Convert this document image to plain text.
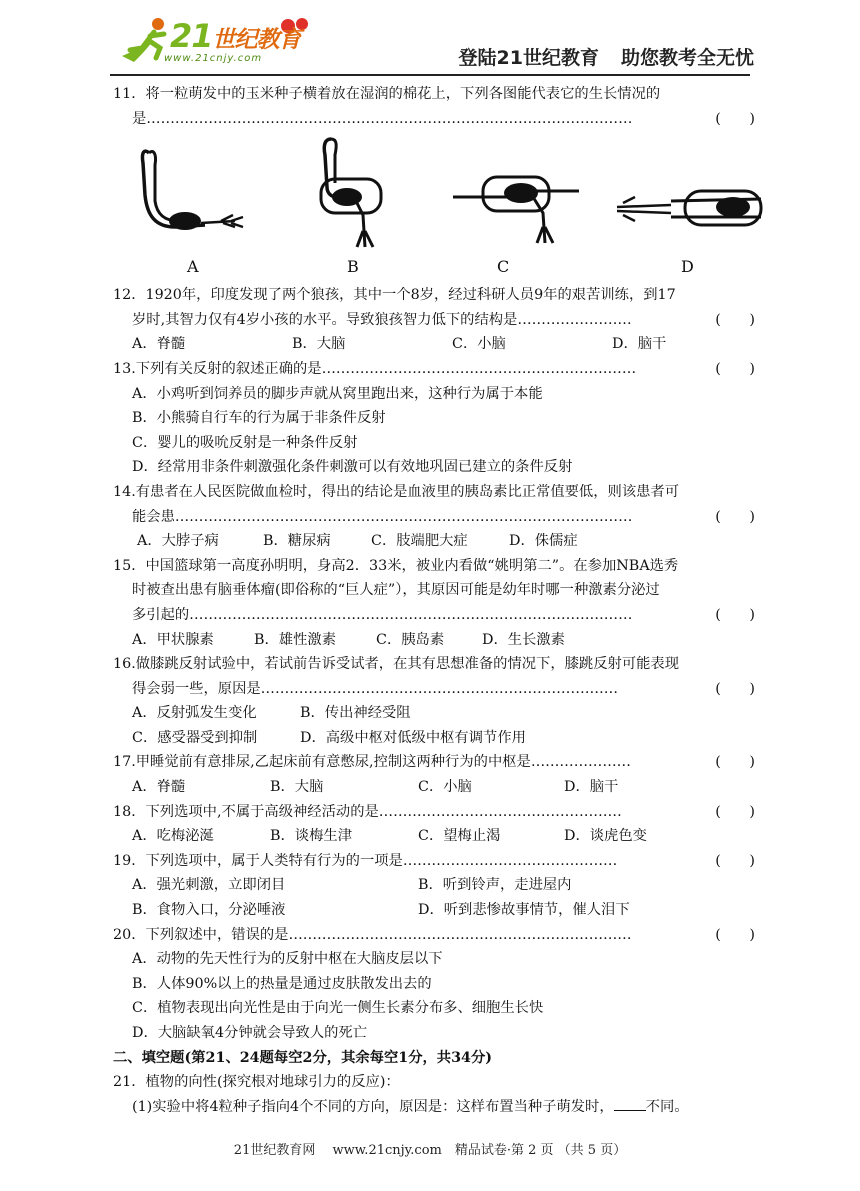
21世纪教育
www.21cnjy.com	登陆21世纪教育 助您教考全无忧
11．将一粒萌发中的玉米种子横着放在湿润的棉花上，下列各图能代表它的生长情况的
是…………………………………………………………………………………………	(　　)
A	B	C	D
12．1920年，印度发现了两个狼孩，其中一个8岁，经过科研人员9年的艰苦训练，到17
岁时,其智力仅有4岁小孩的水平。导致狼孩智力低下的结构是……………………	(　　)
A．脊髓	B．大脑	C．小脑	D．脑干
13.下列有关反射的叙述正确的是…………………………………………………………	(　　)
A．小鸡听到饲养员的脚步声就从窝里跑出来，这种行为属于本能
B．小熊骑自行车的行为属于非条件反射
C．婴儿的吸吮反射是一种条件反射
D．经常用非条件刺激强化条件刺激可以有效地巩固已建立的条件反射
14.有患者在人民医院做血检时，得出的结论是血液里的胰岛素比正常值要低，则该患者可
能会患……………………………………………………………………………………	(　　)
A．大脖子病	B．糖尿病	C．肢端肥大症	D．侏儒症
15．中国篮球第一高度孙明明，身高2．33米，被业内看做“姚明第二”。在参加NBA选秀
时被查出患有脑垂体瘤(即俗称的“巨人症”），其原因可能是幼年时哪一种激素分泌过
多引起的…………………………………………………………………………………	(　　)
A．甲状腺素	B．雄性激素	C．胰岛素	D．生长激素
16.做膝跳反射试验中，若试前告诉受试者，在其有思想准备的情况下，膝跳反射可能表现
得会弱一些，原因是…………………………………………………………………	(　　)
A．反射弧发生变化	B．传出神经受阻
C．感受器受到抑制	D．高级中枢对低级中枢有调节作用
17.甲睡觉前有意排尿,乙起床前有意憋尿,控制这两种行为的中枢是…………………	(　　)
A．脊髓	B．大脑	C．小脑	D．脑干
18．下列选项中,不属于高级神经活动的是……………………………………………	(　　)
A．吃梅泌涎	B．谈梅生津	C．望梅止渴	D．谈虎色变
19．下列选项中，属于人类特有行为的一项是………………………………………	(　　)
A．强光刺激，立即闭目	B．听到铃声，走进屋内
B．食物入口，分泌唾液	D．听到悲惨故事情节，催人泪下
20．下列叙述中，错误的是………………………………………………………………	(　　)
A．动物的先天性行为的反射中枢在大脑皮层以下
B．人体90%以上的热量是通过皮肤散发出去的
C．植物表现出向光性是由于向光一侧生长素分布多、细胞生长快
D．大脑缺氧4分钟就会导致人的死亡
二、填空题(第21、24题每空2分，其余每空1分，共34分)
21．植物的向性(探究根对地球引力的反应)：
(1)实验中将4粒种子指向4个不同的方向，原因是：这样布置当种子萌发时， 不同。
21世纪教育网　 www.21cnjy.com　精品试卷·第 2 页 （共 5 页）
